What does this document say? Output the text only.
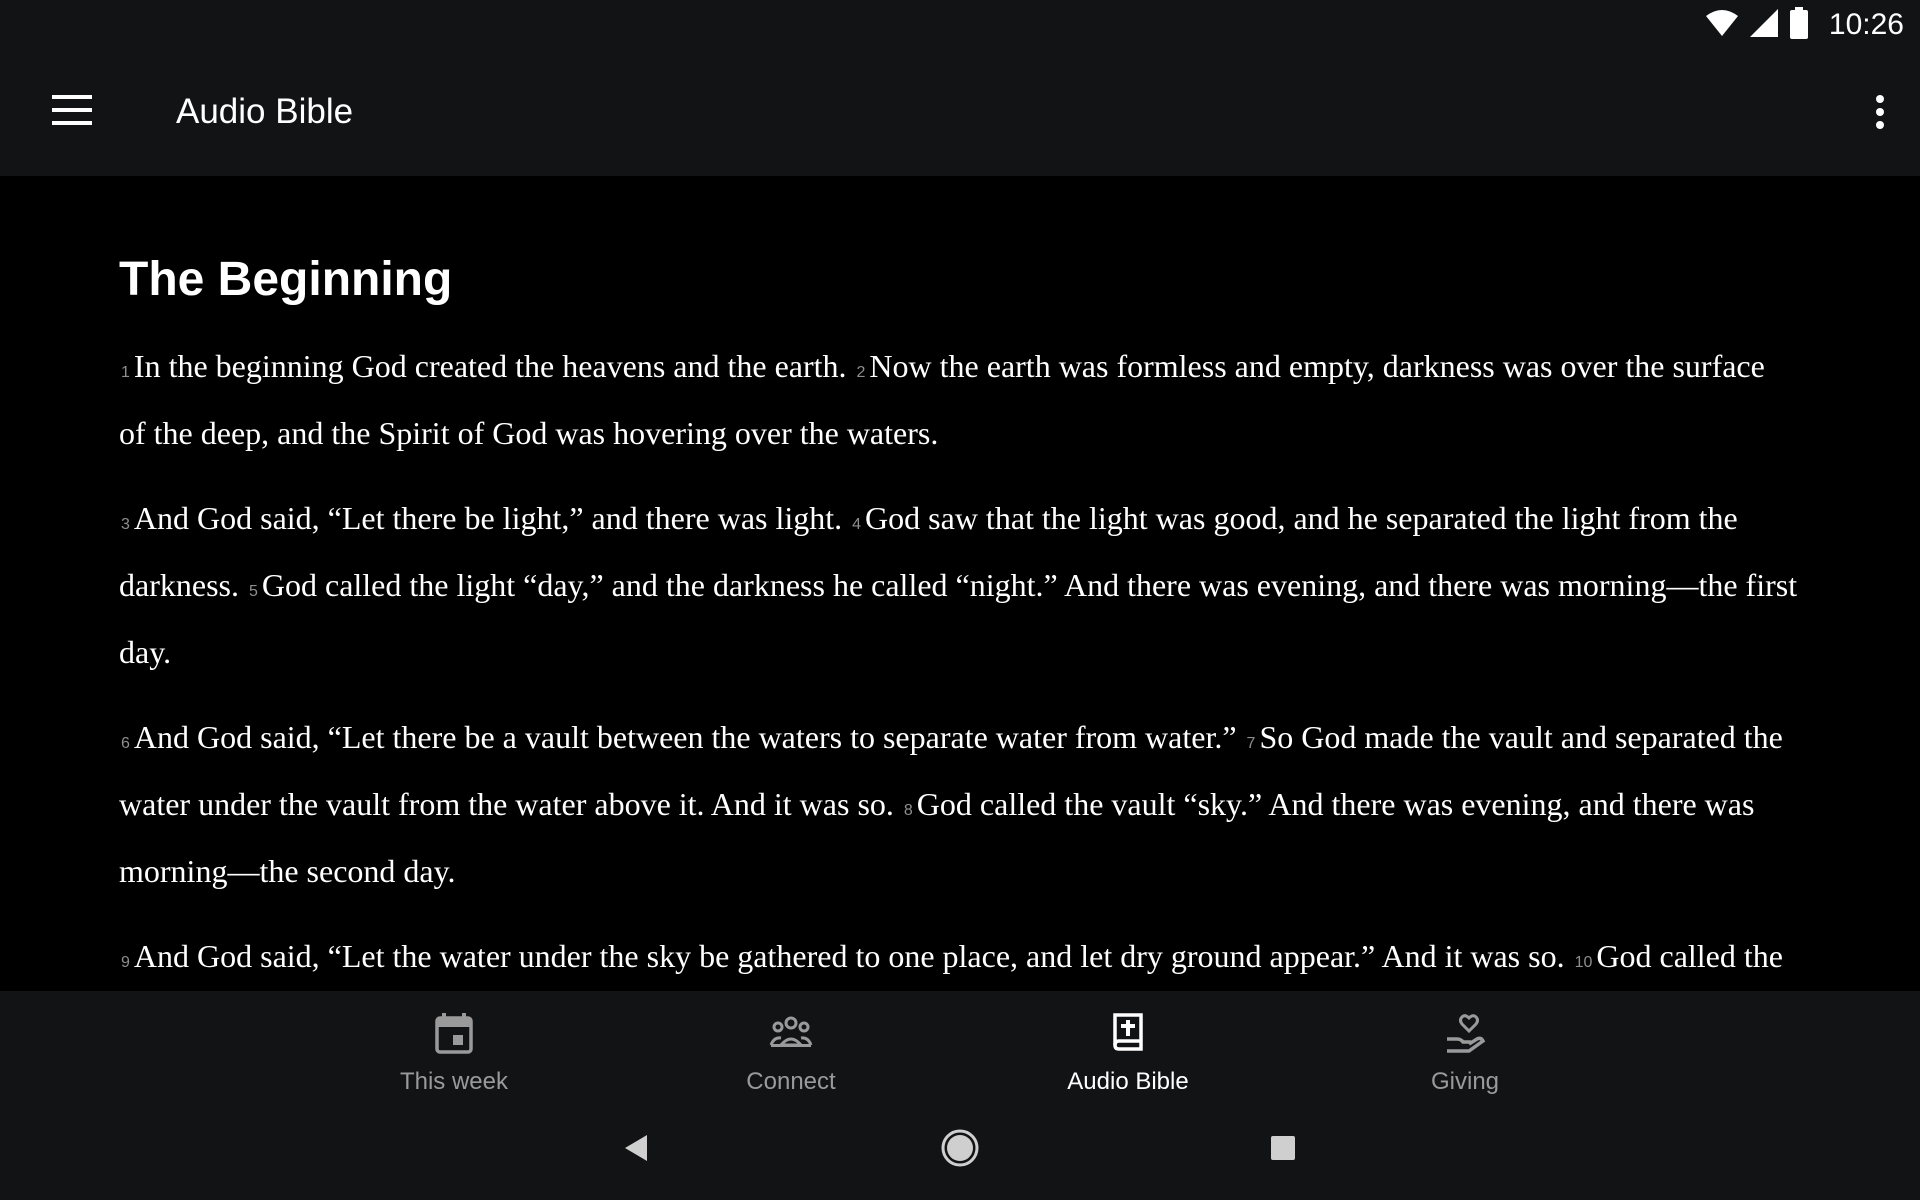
10:26
Audio Bible
The Beginning

1 In the beginning God created the heavens and the earth. 2 Now the earth was formless and empty, darkness was over the surface of the deep, and the Spirit of God was hovering over the waters.

3 And God said, “Let there be light,” and there was light. 4 God saw that the light was good, and he separated the light from the darkness. 5 God called the light “day,” and the darkness he called “night.” And there was evening, and there was morning—the first day.

6 And God said, “Let there be a vault between the waters to separate water from water.” 7 So God made the vault and separated the water under the vault from the water above it. And it was so. 8 God called the vault “sky.” And there was evening, and there was morning—the second day.

9 And God said, “Let the water under the sky be gathered to one place, and let dry ground appear.” And it was so. 10 God called the

This week	Connect	Audio Bible	Giving
